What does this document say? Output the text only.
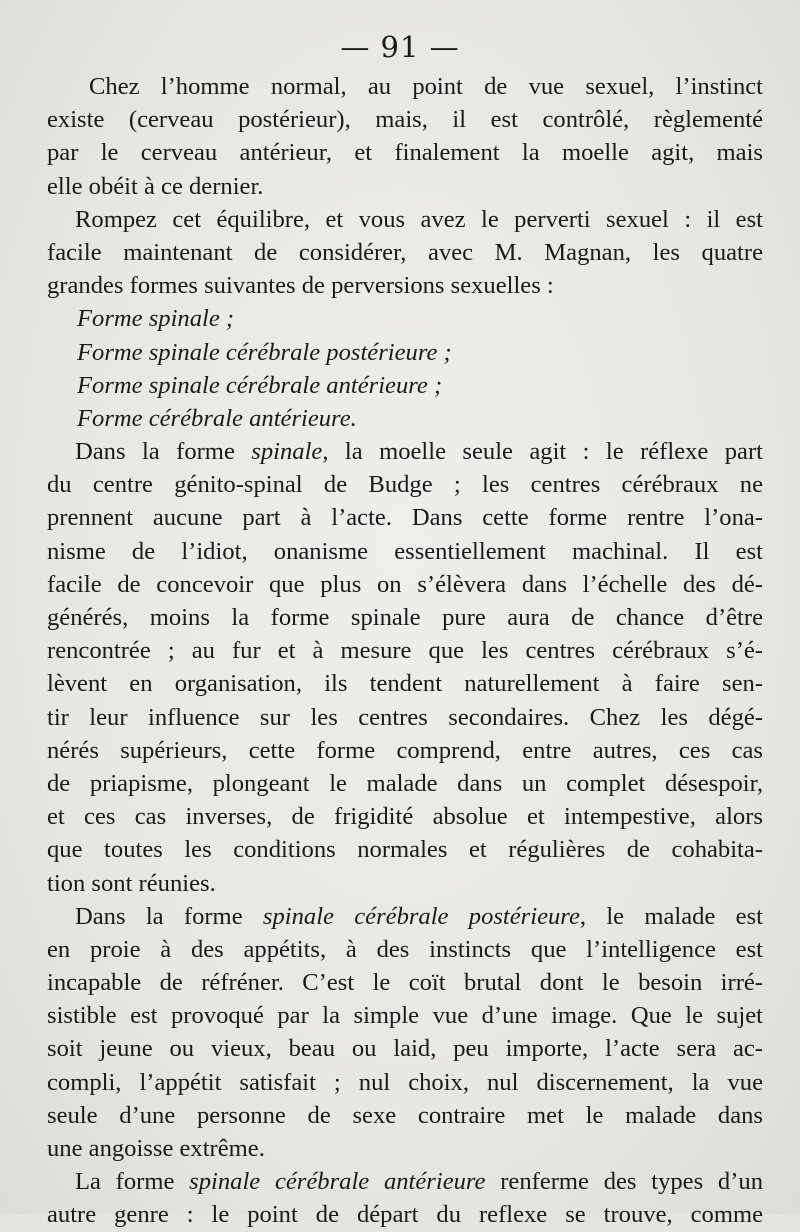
— 91 —
Chez l’homme normal, au point de vue sexuel, l’instinct
existe (cerveau postérieur), mais, il est contrôlé, règlementé
par le cerveau antérieur, et finalement la moelle agit, mais
elle obéit à ce dernier.
Rompez cet équilibre, et vous avez le perverti sexuel : il est
facile maintenant de considérer, avec M. Magnan, les quatre
grandes formes suivantes de perversions sexuelles :
Forme spinale ;
Forme spinale cérébrale postérieure ;
Forme spinale cérébrale antérieure ;
Forme cérébrale antérieure.
Dans la forme spinale, la moelle seule agit : le réflexe part
du centre génito-spinal de Budge ; les centres cérébraux ne
prennent aucune part à l’acte. Dans cette forme rentre l’ona-
nisme de l’idiot, onanisme essentiellement machinal. Il est
facile de concevoir que plus on s’élèvera dans l’échelle des dé-
générés, moins la forme spinale pure aura de chance d’être
rencontrée ; au fur et à mesure que les centres cérébraux s’é-
lèvent en organisation, ils tendent naturellement à faire sen-
tir leur influence sur les centres secondaires. Chez les dégé-
nérés supérieurs, cette forme comprend, entre autres, ces cas
de priapisme, plongeant le malade dans un complet désespoir,
et ces cas inverses, de frigidité absolue et intempestive, alors
que toutes les conditions normales et régulières de cohabita-
tion sont réunies.
Dans la forme spinale cérébrale postérieure, le malade est
en proie à des appétits, à des instincts que l’intelligence est
incapable de réfréner. C’est le coït brutal dont le besoin irré-
sistible est provoqué par la simple vue d’une image. Que le sujet
soit jeune ou vieux, beau ou laid, peu importe, l’acte sera ac-
compli, l’appétit satisfait ; nul choix, nul discernement, la vue
seule d’une personne de sexe contraire met le malade dans
une angoisse extrême.
La forme spinale cérébrale antérieure renferme des types d’un
autre genre : le point de départ du reflexe se trouve, comme
